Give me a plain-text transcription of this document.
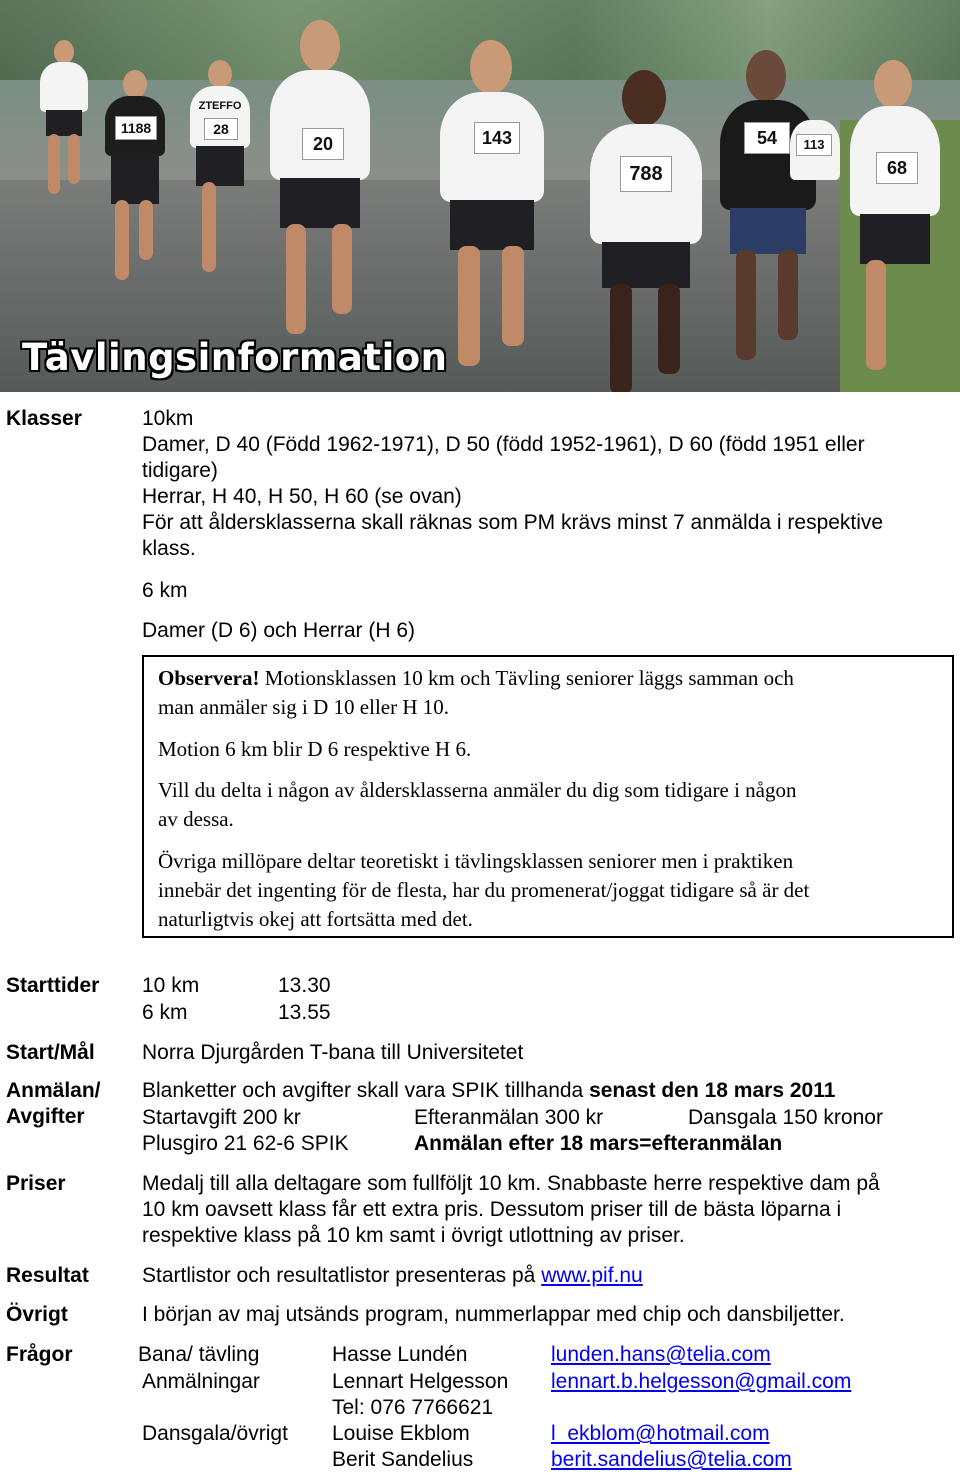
1188
ZTEFFO
28
20	143
788
54	113
68
Tävlingsinformation
Klasser	10km
Damer, D 40 (Född 1962-1971), D 50 (född 1952-1961), D 60 (född 1951 eller
tidigare)
Herrar, H 40, H 50, H 60 (se ovan)
För att åldersklasserna skall räknas som PM krävs minst 7 anmälda i respektive
klass.
6 km
Damer (D 6) och Herrar (H 6)
Observera! Motionsklassen 10 km och Tävling seniorer läggs samman och
man anmäler sig i D 10 eller H 10.
Motion 6 km blir D 6 respektive H 6.
Vill du delta i någon av åldersklasserna anmäler du dig som tidigare i någon
av dessa.
Övriga millöpare deltar teoretiskt i tävlingsklassen seniorer men i praktiken
innebär det ingenting för de flesta, har du promenerat/joggat tidigare så är det
naturligtvis okej att fortsätta med det.
Starttider 10 km	13.30
6 km	13.55
Start/Mål Norra Djurgården T-bana till Universitetet
Anmälan/
Avgifter
Blanketter och avgifter skall vara SPIK tillhanda senast den 18 mars 2011
Startavgift 200 kr	Efteranmälan 300 kr	Dansgala 150 kronor
Plusgiro 21 62-6 SPIK	Anmälan efter 18 mars=efteranmälan
Priser	Medalj till alla deltagare som fullföljt 10 km. Snabbaste herre respektive dam på
10 km oavsett klass får ett extra pris. Dessutom priser till de bästa löparna i
respektive klass på 10 km samt i övrigt utlottning av priser.
Resultat	Startlistor och resultatlistor presenteras på www.pif.nu
Övrigt	I början av maj utsänds program, nummerlappar med chip och dansbiljetter.
Frågor	Bana/ tävling	Hasse Lundén	lunden.hans@telia.com
Anmälningar	Lennart Helgesson lennart.b.helgesson@gmail.com
Tel: 076 7766621
Dansgala/övrigt Louise Ekblom	l_ekblom@hotmail.com
Berit Sandelius	berit.sandelius@telia.com
